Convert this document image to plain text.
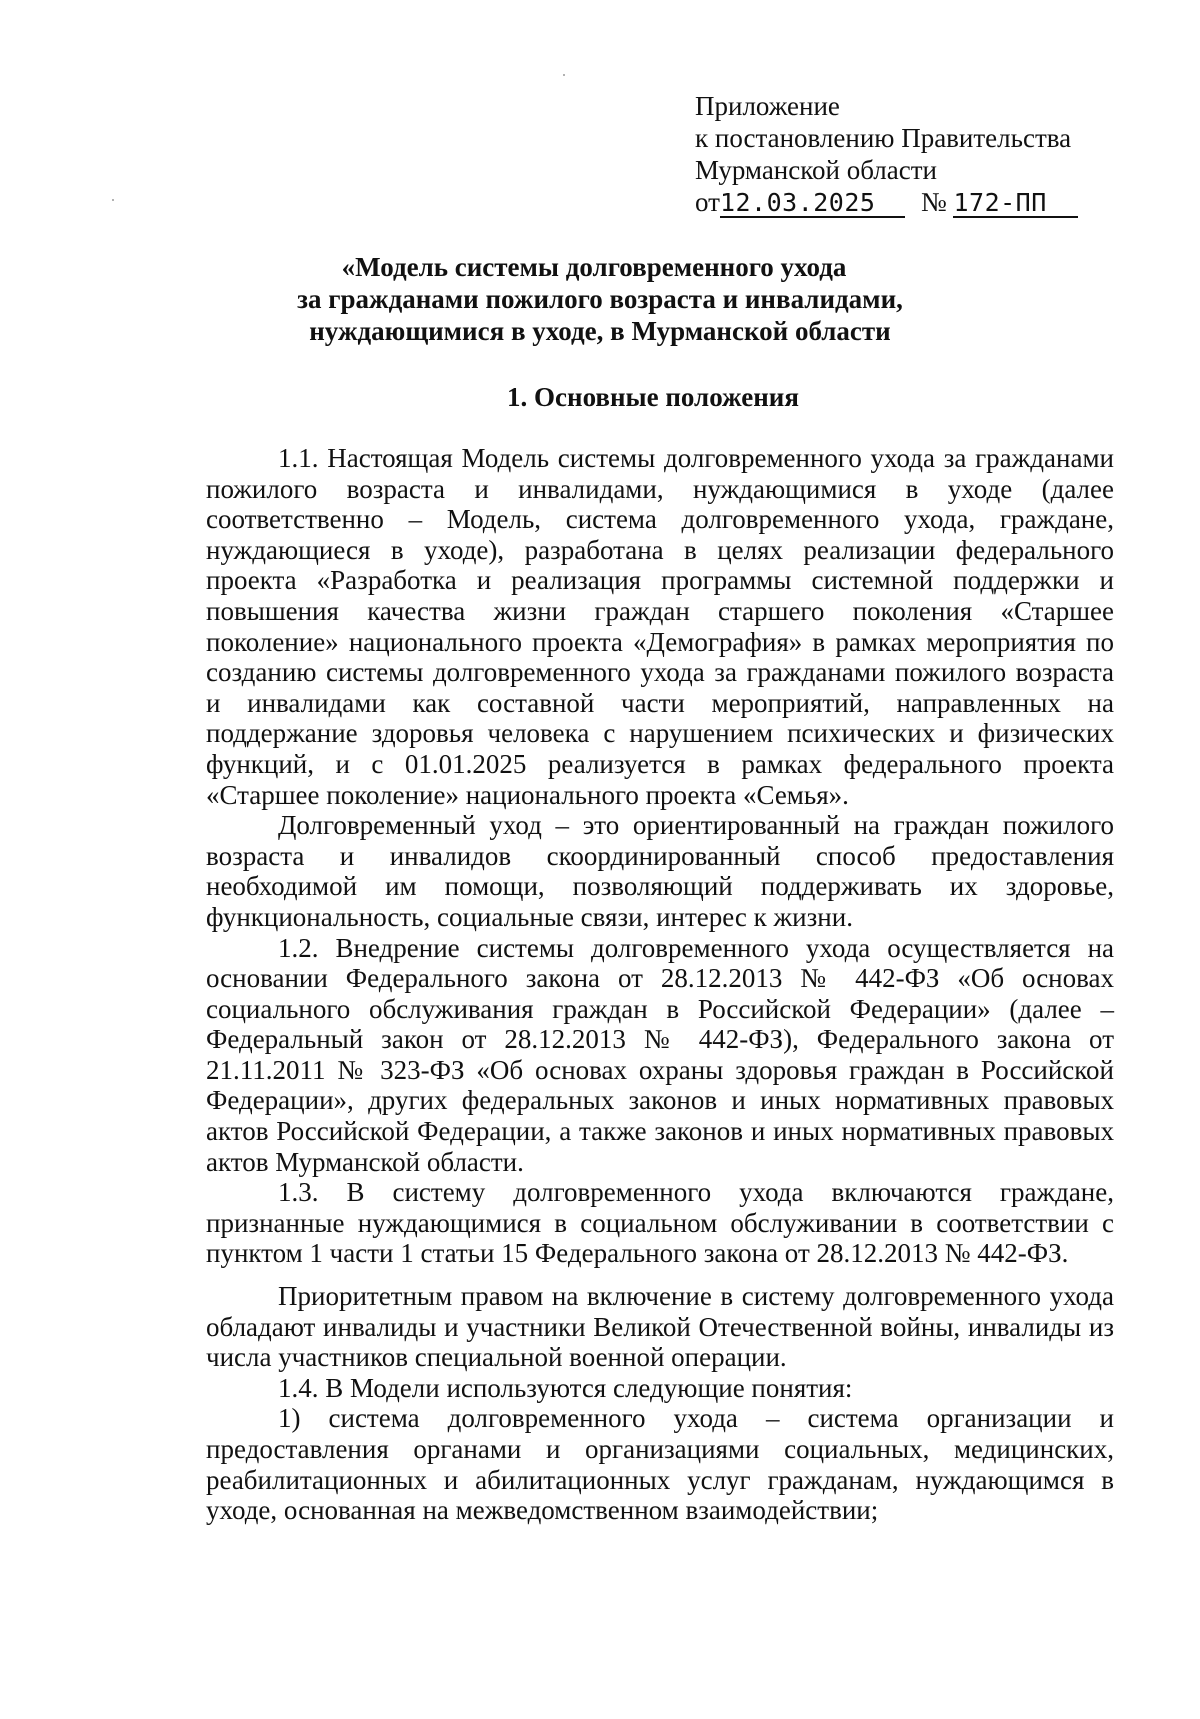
Приложение
к постановлению Правительства
Мурманской области
от12.03.2025 № 172-ПП
«Модель системы долговременного ухода
за гражданами пожилого возраста и инвалидами,
нуждающимися в уходе, в Мурманской области
1. Основные положения

1.1. Настоящая Модель системы долговременного ухода за гражданами пожилого возраста и инвалидами, нуждающимися в уходе (далее соответственно – Модель, система долговременного ухода, граждане, нуждающиеся в уходе), разработана в целях реализации федерального проекта «Разработка и реализация программы системной поддержки и повышения качества жизни граждан старшего поколения «Старшее поколение» национального проекта «Демография» в рамках мероприятия по созданию системы долговременного ухода за гражданами пожилого возраста и инвалидами как составной части мероприятий, направленных на поддержание здоровья человека с нарушением психических и физических функций, и с 01.01.2025 реализуется в рамках федерального проекта «Старшее поколение» национального проекта «Семья».

Долговременный уход – это ориентированный на граждан пожилого возраста и инвалидов скоординированный способ предоставления необходимой им помощи, позволяющий поддерживать их здоровье, функциональность, социальные связи, интерес к жизни.

1.2. Внедрение системы долговременного ухода осуществляется на основании Федерального закона от 28.12.2013 № 442-ФЗ «Об основах социального обслуживания граждан в Российской Федерации» (далее – Федеральный закон от 28.12.2013 № 442-ФЗ), Федерального закона от 21.11.2011 № 323-ФЗ «Об основах охраны здоровья граждан в Российской Федерации», других федеральных законов и иных нормативных правовых актов Российской Федерации, а также законов и иных нормативных правовых актов Мурманской области.

1.3. В систему долговременного ухода включаются граждане, признанные нуждающимися в социальном обслуживании в соответствии с пунктом 1 части 1 статьи 15 Федерального закона от 28.12.2013 № 442-ФЗ.

Приоритетным правом на включение в систему долговременного ухода обладают инвалиды и участники Великой Отечественной войны, инвалиды из числа участников специальной военной операции.

1.4. В Модели используются следующие понятия:

1) система долговременного ухода – система организации и предоставления органами и организациями социальных, медицинских, реабилитационных и абилитационных услуг гражданам, нуждающимся в уходе, основанная на межведомственном взаимодействии;
